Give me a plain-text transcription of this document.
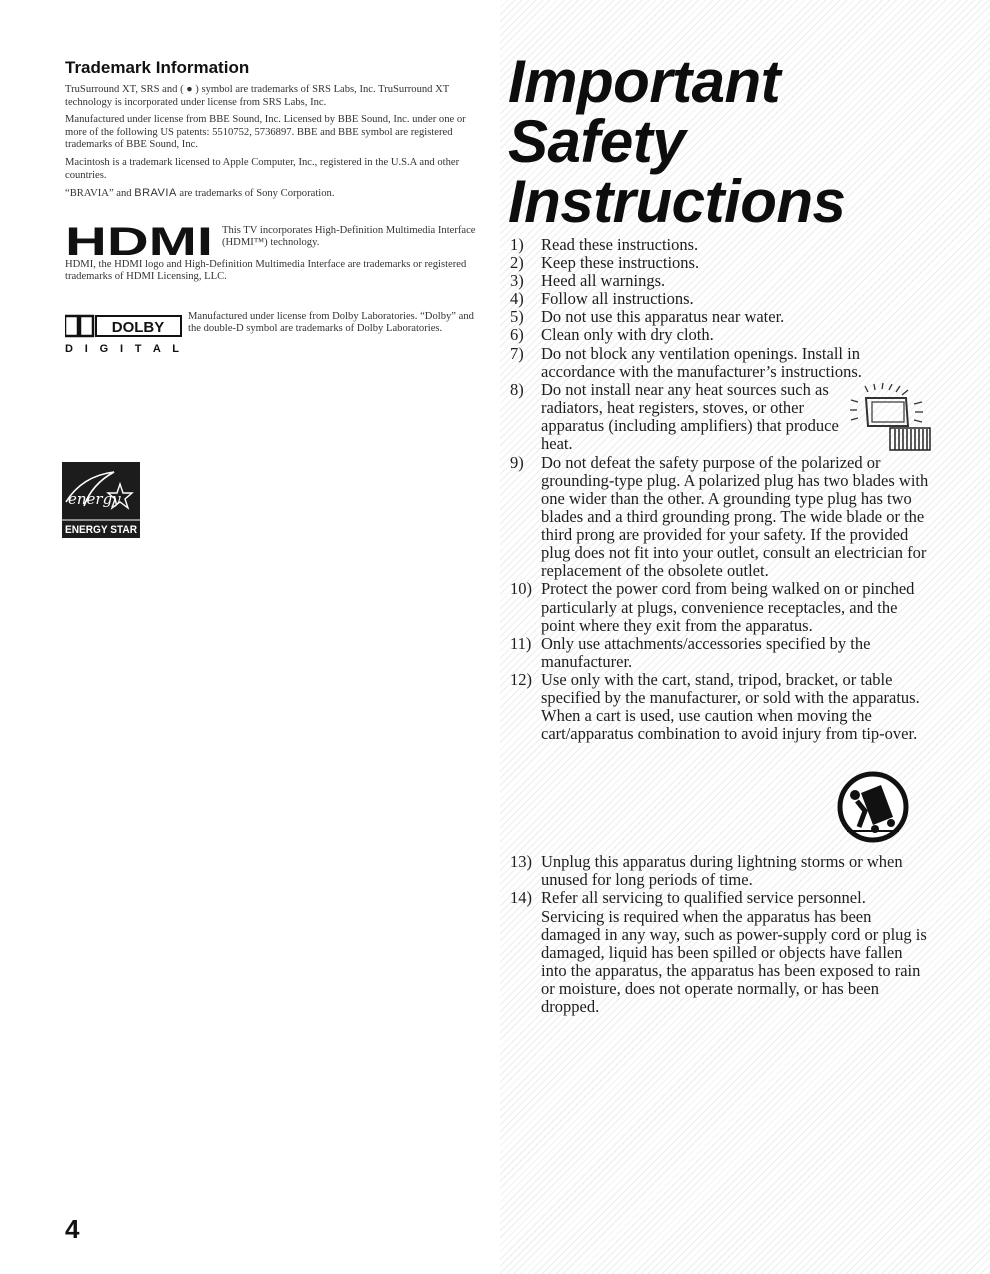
Trademark Information

TruSurround XT, SRS and ( ● ) symbol are trademarks of SRS Labs, Inc. TruSurround XT technology is incorporated under license from SRS Labs, Inc.

Manufactured under license from BBE Sound, Inc. Licensed by BBE Sound, Inc. under one or more of the following US patents: 5510752, 5736897. BBE and BBE symbol are registered trademarks of BBE Sound, Inc.

Macintosh is a trademark licensed to Apple Computer, Inc., registered in the U.S.A and other countries.

“BRAVIA” and BRAVIA are trademarks of Sony Corporation.

HDMI This TV incorporates High-Definition Multimedia Interface (HDMI™) technology.
HDMI, the HDMI logo and High-Definition Multimedia Interface are trademarks or registered trademarks of HDMI Licensing, LLC.
DOLBY
D I G I T A L
Manufactured under license from Dolby Laboratories. “Dolby” and the double-D symbol are trademarks of Dolby Laboratories.
energy
ENERGY STAR
4
Important
Safety
Instructions
1) Read these instructions.
2) Keep these instructions.
3) Heed all warnings.
4) Follow all instructions.
5) Do not use this apparatus near water.
6) Clean only with dry cloth.
7) Do not block any ventilation openings. Install in accordance with the manufacturer’s instructions.
8) Do not install near any heat sources such as radiators, heat registers, stoves, or other apparatus (including amplifiers) that produce heat.
9) Do not defeat the safety purpose of the polarized or grounding-type plug. A polarized plug has two blades with one wider than the other. A grounding type plug has two blades and a third grounding prong. The wide blade or the third prong are provided for your safety. If the provided plug does not fit into your outlet, consult an electrician for replacement of the obsolete outlet.
10) Protect the power cord from being walked on or pinched particularly at plugs, convenience receptacles, and the point where they exit from the apparatus.
11) Only use attachments/accessories specified by the manufacturer.
12) Use only with the cart, stand, tripod, bracket, or table specified by the manufacturer, or sold with the apparatus. When a cart is used, use caution when moving the cart/apparatus combination to avoid injury from tip-over.
13) Unplug this apparatus during lightning storms or when unused for long periods of time.
14) Refer all servicing to qualified service personnel. Servicing is required when the apparatus has been damaged in any way, such as power-supply cord or plug is damaged, liquid has been spilled or objects have fallen into the apparatus, the apparatus has been exposed to rain or moisture, does not operate normally, or has been dropped.
